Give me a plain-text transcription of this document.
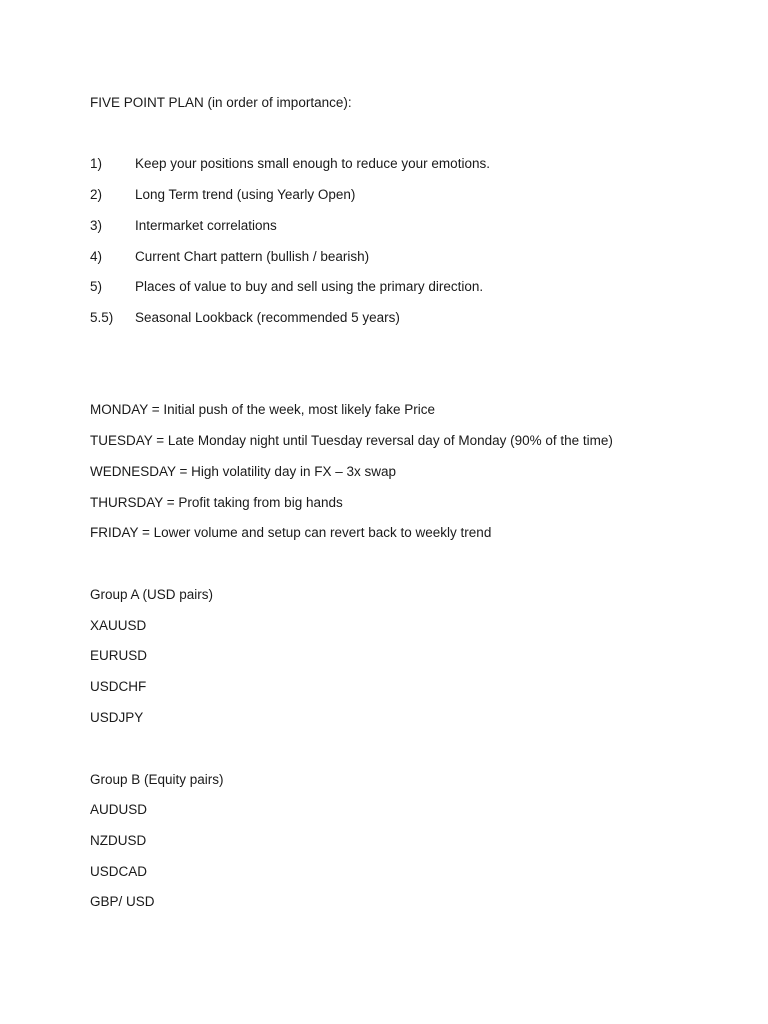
FIVE POINT PLAN (in order of importance):
1) Keep your positions small enough to reduce your emotions.
2) Long Term trend (using Yearly Open)
3) Intermarket correlations
4) Current Chart pattern (bullish / bearish)
5) Places of value to buy and sell using the primary direction.
5.5) Seasonal Lookback (recommended 5 years)
MONDAY = Initial push of the week, most likely fake Price
TUESDAY = Late Monday night until Tuesday reversal day of Monday (90% of the time)
WEDNESDAY = High volatility day in FX – 3x swap
THURSDAY = Profit taking from big hands
FRIDAY = Lower volume and setup can revert back to weekly trend
Group A (USD pairs)
XAUUSD
EURUSD
USDCHF
USDJPY
Group B (Equity pairs)
AUDUSD
NZDUSD
USDCAD
GBP/ USD
